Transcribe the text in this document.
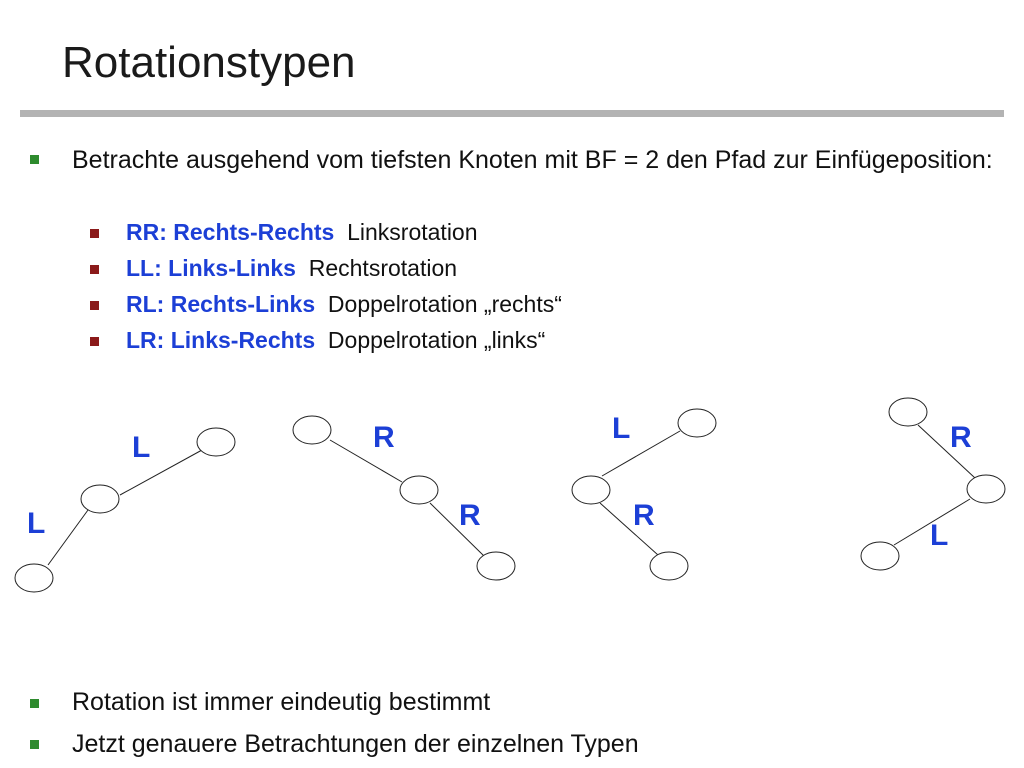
Rotationstypen
Betrachte ausgehend vom tiefsten Knoten mit BF = 2 den Pfad zur Einfügeposition:
RR: Rechts-Rechts Linksrotation
LL: Links-Links Rechtsrotation
RL: Rechts-Links Doppelrotation „rechts“
LR: Links-Rechts Doppelrotation „links“
L
L
R
R
L
R
R
L
Rotation ist immer eindeutig bestimmt
Jetzt genauere Betrachtungen der einzelnen Typen
